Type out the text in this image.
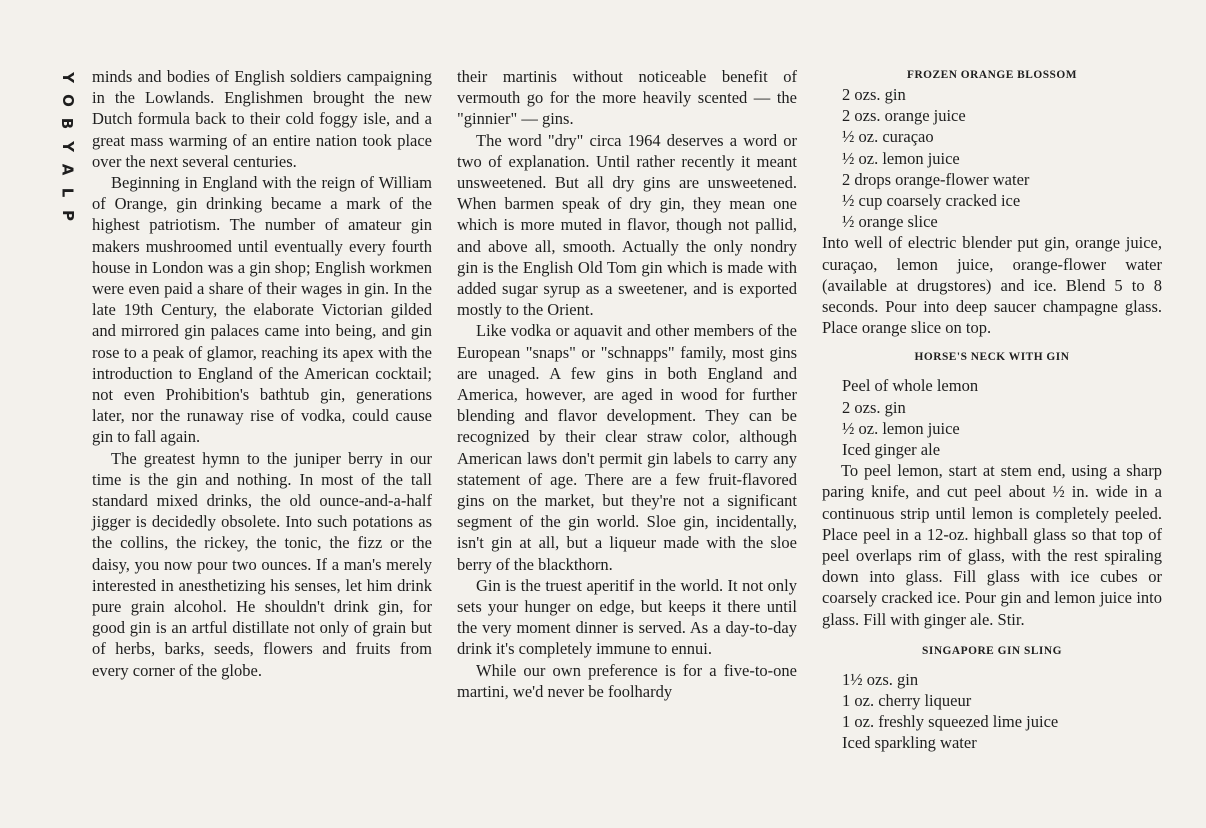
Y
O
B
Y
A
L
P

minds and bodies of English soldiers campaigning in the Lowlands. Englishmen brought the new Dutch formula back to their cold foggy isle, and a great mass warming of an entire nation took place over the next several centuries.

Beginning in England with the reign of William of Orange, gin drinking became a mark of the highest patriotism. The number of amateur gin makers mushroomed until eventually every fourth house in London was a gin shop; English workmen were even paid a share of their wages in gin. In the late 19th Century, the elaborate Victorian gilded and mirrored gin palaces came into being, and gin rose to a peak of glamor, reaching its apex with the introduction to England of the American cocktail; not even Prohibition's bathtub gin, generations later, nor the runaway rise of vodka, could cause gin to fall again.

The greatest hymn to the juniper berry in our time is the gin and nothing. In most of the tall standard mixed drinks, the old ounce-and-a-half jigger is decidedly obsolete. Into such potations as the collins, the rickey, the tonic, the fizz or the daisy, you now pour two ounces. If a man's merely interested in anesthetizing his senses, let him drink pure grain alcohol. He shouldn't drink gin, for good gin is an artful distillate not only of grain but of herbs, barks, seeds, flowers and fruits from every corner of the globe.

their martinis without noticeable benefit of vermouth go for the more heavily scented — the "ginnier" — gins.

The word "dry" circa 1964 deserves a word or two of explanation. Until rather recently it meant unsweetened. But all dry gins are unsweetened. When barmen speak of dry gin, they mean one which is more muted in flavor, though not pallid, and above all, smooth. Actually the only nondry gin is the English Old Tom gin which is made with added sugar syrup as a sweetener, and is exported mostly to the Orient.

Like vodka or aquavit and other members of the European "snaps" or "schnapps" family, most gins are unaged. A few gins in both England and America, however, are aged in wood for further blending and flavor development. They can be recognized by their clear straw color, although American laws don't permit gin labels to carry any statement of age. There are a few fruit-flavored gins on the market, but they're not a significant segment of the gin world. Sloe gin, incidentally, isn't gin at all, but a liqueur made with the sloe berry of the blackthorn.

Gin is the truest aperitif in the world. It not only sets your hunger on edge, but keeps it there until the very moment dinner is served. As a day-to-day drink it's completely immune to ennui.

While our own preference is for a five-to-one martini, we'd never be foolhardy

FROZEN ORANGE BLOSSOM
2 ozs. gin
2 ozs. orange juice
½ oz. curaçao
½ oz. lemon juice
2 drops orange-flower water
½ cup coarsely cracked ice
½ orange slice

Into well of electric blender put gin, orange juice, curaçao, lemon juice, orange-flower water (available at drugstores) and ice. Blend 5 to 8 seconds. Pour into deep saucer champagne glass. Place orange slice on top.

HORSE'S NECK WITH GIN
Peel of whole lemon
2 ozs. gin
½ oz. lemon juice
Iced ginger ale

To peel lemon, start at stem end, using a sharp paring knife, and cut peel about ½ in. wide in a continuous strip until lemon is completely peeled. Place peel in a 12-oz. highball glass so that top of peel overlaps rim of glass, with the rest spiraling down into glass. Fill glass with ice cubes or coarsely cracked ice. Pour gin and lemon juice into glass. Fill with ginger ale. Stir.

SINGAPORE GIN SLING
1½ ozs. gin
1 oz. cherry liqueur
1 oz. freshly squeezed lime juice
Iced sparkling water
